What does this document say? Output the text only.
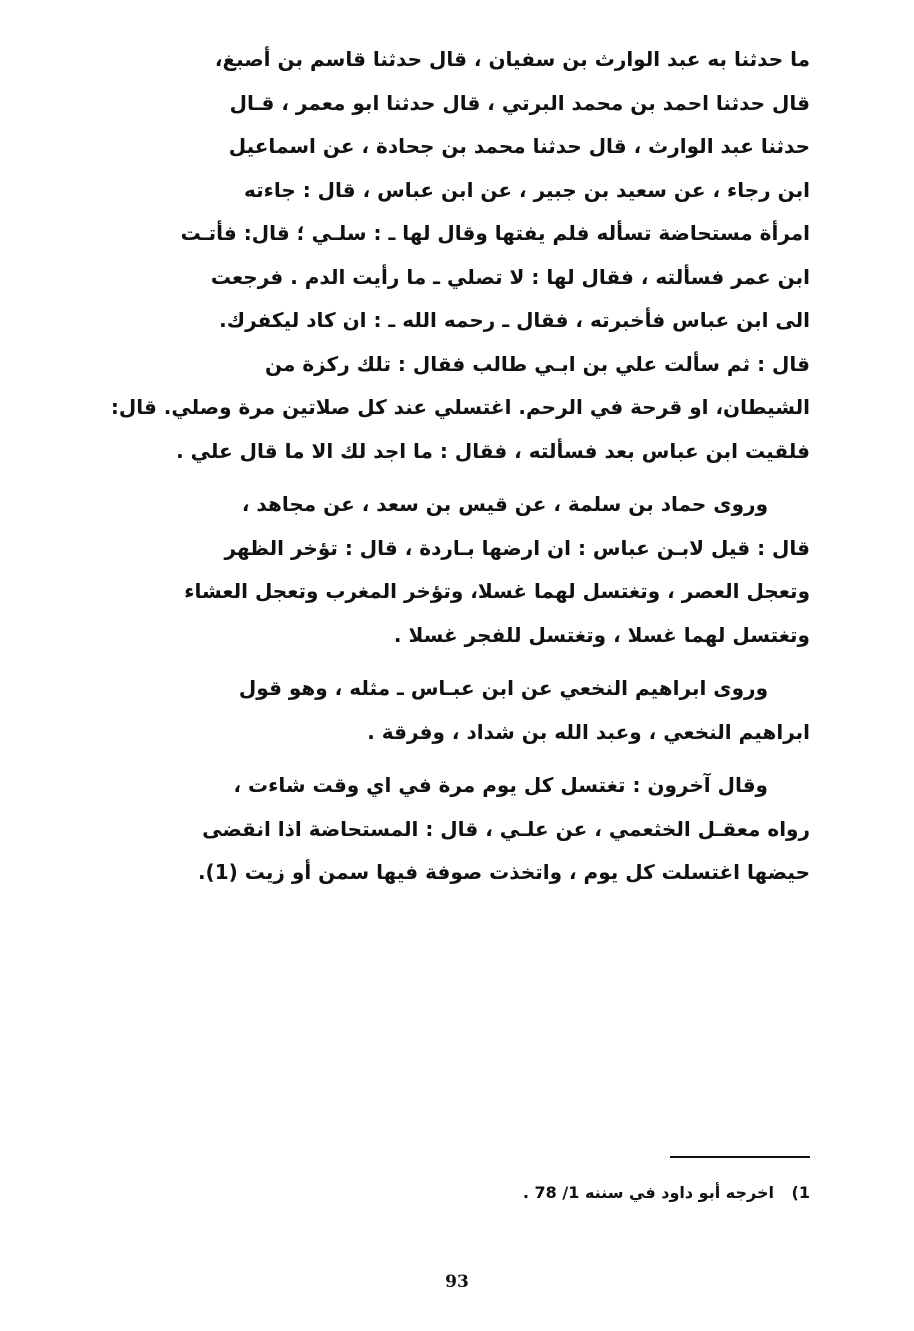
ما حدثنا به عبد الوارث بن سفيان ، قال حدثنا قاسم بن أصبغ،
قال حدثنا احمد بن محمد البرتي ، قال حدثنا ابو معمر ، قـال
حدثنا عبد الوارث ، قال حدثنا محمد بن جحادة ، عن اسماعيل
ابن رجاء ، عن سعيد بن جبير ، عن ابن عباس ، قال : جاءته
امرأة مستحاضة تسأله فلم يفتها وقال لها ـ : سلـي ؛ قال: فأتـت
ابن عمر فسألته ، فقال لها : لا تصلي ـ ما رأيت الدم . فرجعت
الى ابن عباس فأخبرته ، فقال ـ رحمه الله ـ : ان كاد ليكفرك.
قال : ثم سألت علي بن ابـي طالب فقال : تلك ركزة من
الشيطان، او قرحة في الرحم. اغتسلي عند كل صلاتين مرة وصلي. قال:
فلقيت ابن عباس بعد فسألته ، فقال : ما اجد لك الا ما قال علي .

وروى حماد بن سلمة ، عن قيس بن سعد ، عن مجاهد ،
قال : قيل لابـن عباس : ان ارضها بـاردة ، قال : تؤخر الظهر
وتعجل العصر ، وتغتسل لهما غسلا، وتؤخر المغرب وتعجل العشاء
وتغتسل لهما غسلا ، وتغتسل للفجر غسلا .

وروى ابراهيم النخعي عن ابن عبـاس ـ مثله ، وهو قول
ابراهيم النخعي ، وعبد الله بن شداد ، وفرقة .

وقال آخرون : تغتسل كل يوم مرة في اي وقت شاءت ،
رواه معقـل الخثعمي ، عن علـي ، قال : المستحاضة اذا انقضى
حيضها اغتسلت كل يوم ، واتخذت صوفة فيها سمن أو زيت (1).

1) اخرجه أبو داود في سننه 1/ 78 .
93
